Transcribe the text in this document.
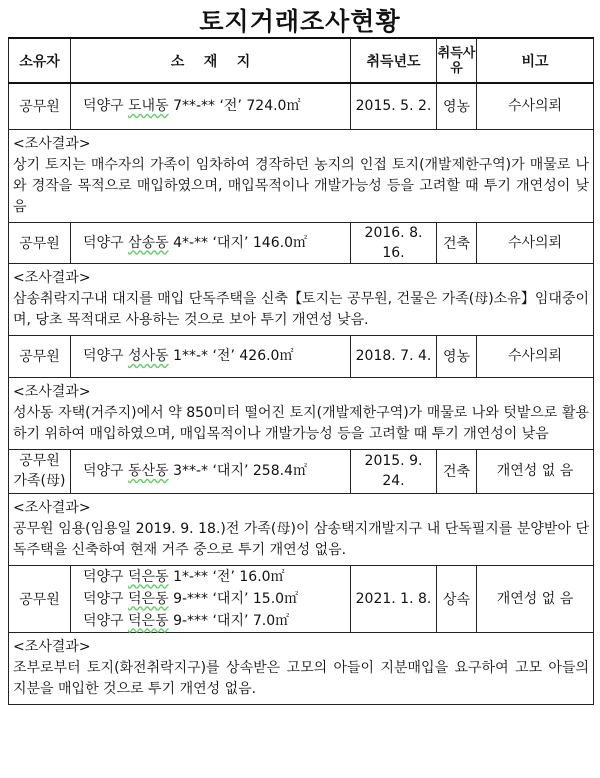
토지거래조사현황
소유자	소    재    지	취득년도	취득사유	비고
공무원	덕양구 도내동 7**-** ‘전’ 724.0㎡	2015. 5. 2.	영농	수사의뢰

<조사결과>
상기 토지는 매수자의 가족이 임차하여 경작하던 농지의 인접 토지(개발제한구역)가 매물로 나와 경작을 목적으로 매입하였으며, 매입목적이나 개발가능성 등을 고려할 때 투기 개연성이 낮음				

공무원	덕양구 삼송동 4*-** ‘대지’ 146.0㎡	2016. 8. 16.	건축	수사의뢰

<조사결과>
삼송취락지구내 대지를 매입 단독주택을 신축【토지는 공무원, 건물은 가족(母)소유】임대중이며, 당초 목적대로 사용하는 것으로 보아 투기 개연성 낮음.				

공무원	덕양구 성사동 1**-* ‘전’ 426.0㎡	2018. 7. 4.	영농	수사의뢰

<조사결과>
성사동 자택(거주지)에서 약 850미터 떨어진 토지(개발제한구역)가 매물로 나와 텃밭으로 활용하기 위하여 매입하였으며, 매입목적이나 개발가능성 등을 고려할 때 투기 개연성이 낮음				

공무원 가족(母)	덕양구 동산동 3**-* ‘대지’ 258.4㎡	2015. 9. 24.	건축	개연성 없 음

<조사결과>
공무원 임용(임용일 2019. 9. 18.)전 가족(母)이 삼송택지개발지구 내 단독필지를 분양받아 단독주택을 신축하여 현재 거주 중으로 투기 개연성 없음.				

공무원	덕양구 덕은동 1*-** ‘전’ 16.0㎡
덕양구 덕은동 9-*** ‘대지’ 15.0㎡
덕양구 덕은동 9-*** ‘대지’ 7.0㎡	2021. 1. 8.	상속	개연성 없 음

<조사결과>
조부로부터 토지(화전취락지구)를 상속받은 고모의 아들이 지분매입을 요구하여 고모 아들의 지분을 매입한 것으로 투기 개연성 없음.				
